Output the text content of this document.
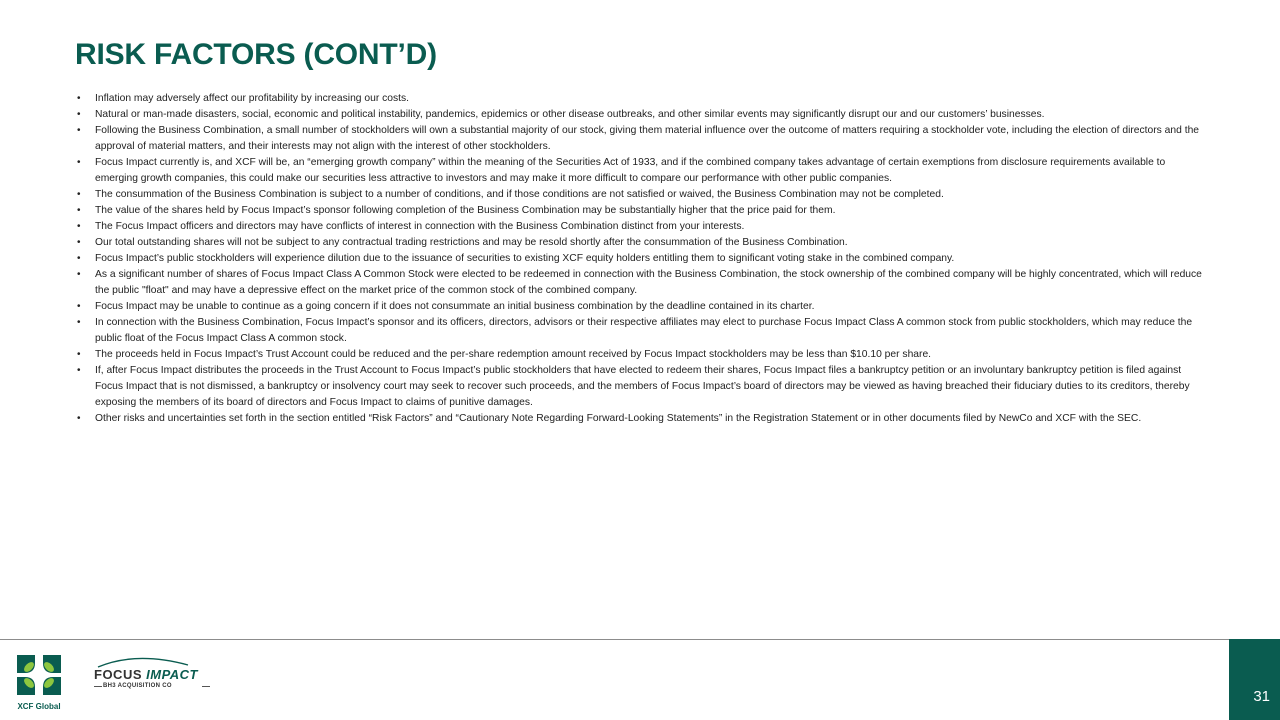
RISK FACTORS (CONT’D)
• Inflation may adversely affect our profitability by increasing our costs.
• Natural or man-made disasters, social, economic and political instability, pandemics, epidemics or other disease outbreaks, and other similar events may significantly disrupt our and our customers’ businesses.
• Following the Business Combination, a small number of stockholders will own a substantial majority of our stock, giving them material influence over the outcome of matters requiring a stockholder vote, including the election of directors and the approval of material matters, and their interests may not align with the interest of other stockholders.
• Focus Impact currently is, and XCF will be, an “emerging growth company” within the meaning of the Securities Act of 1933, and if the combined company takes advantage of certain exemptions from disclosure requirements available to emerging growth companies, this could make our securities less attractive to investors and may make it more difficult to compare our performance with other public companies.
• The consummation of the Business Combination is subject to a number of conditions, and if those conditions are not satisfied or waived, the Business Combination may not be completed.
• The value of the shares held by Focus Impact’s sponsor following completion of the Business Combination may be substantially higher that the price paid for them.
• The Focus Impact officers and directors may have conflicts of interest in connection with the Business Combination distinct from your interests.
• Our total outstanding shares will not be subject to any contractual trading restrictions and may be resold shortly after the consummation of the Business Combination.
• Focus Impact’s public stockholders will experience dilution due to the issuance of securities to existing XCF equity holders entitling them to significant voting stake in the combined company.
• As a significant number of shares of Focus Impact Class A Common Stock were elected to be redeemed in connection with the Business Combination, the stock ownership of the combined company will be highly concentrated, which will reduce the public "float" and may have a depressive effect on the market price of the common stock of the combined company.
• Focus Impact may be unable to continue as a going concern if it does not consummate an initial business combination by the deadline contained in its charter.
• In connection with the Business Combination, Focus Impact’s sponsor and its officers, directors, advisors or their respective affiliates may elect to purchase Focus Impact Class A common stock from public stockholders, which may reduce the public float of the Focus Impact Class A common stock.
• The proceeds held in Focus Impact’s Trust Account could be reduced and the per-share redemption amount received by Focus Impact stockholders may be less than $10.10 per share.
• If, after Focus Impact distributes the proceeds in the Trust Account to Focus Impact’s public stockholders that have elected to redeem their shares, Focus Impact files a bankruptcy petition or an involuntary bankruptcy petition is filed against Focus Impact that is not dismissed, a bankruptcy or insolvency court may seek to recover such proceeds, and the members of Focus Impact’s board of directors may be viewed as having breached their fiduciary duties to its creditors, thereby exposing the members of its board of directors and Focus Impact to claims of punitive damages.
• Other risks and uncertainties set forth in the section entitled “Risk Factors” and “Cautionary Note Regarding Forward-Looking Statements” in the Registration Statement or in other documents filed by NewCo and XCF with the SEC.
XCF Global
FOCUS IMPACT
BH3 ACQUISITION CO
31
